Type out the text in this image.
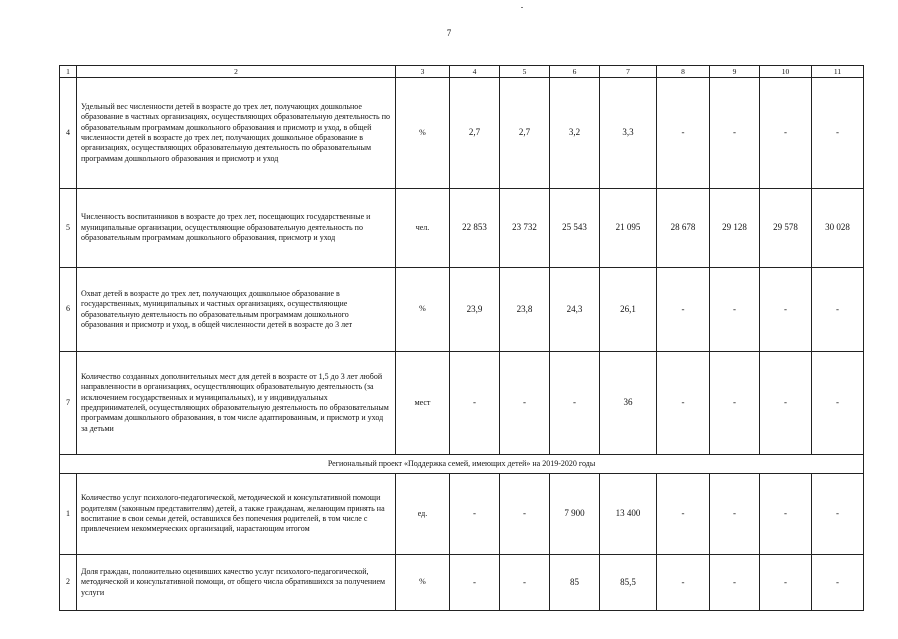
7
1	2	3	4	5	6	7	8	9	10	11
4	Удельный вес численности детей в возрасте до трех лет, получающих дошкольное образование в частных организациях, осуществляющих образовательную деятельность по образовательным программам дошкольного образования и присмотр и уход, в общей численности детей в возрасте до трех лет, получающих дошкольное образование в организациях, осуществляющих образовательную деятельность по образовательным программам дошкольного образования и присмотр и уход	%	2,7	2,7	3,2	3,3	-	-	-	-
5	Численность воспитанников в возрасте до трех лет, посещающих государственные и муниципальные организации, осуществляющие образовательную деятельность по образовательным программам дошкольного образования, присмотр и уход	чел.	22 853	23 732	25 543	21 095	28 678	29 128	29 578	30 028
6	Охват детей в возрасте до трех лет, получающих дошкольное образование в государственных, муниципальных и частных организациях, осуществляющие образовательную деятельность по образовательным программам дошкольного образования и присмотр и уход, в общей численности детей в возрасте до 3 лет	%	23,9	23,8	24,3	26,1	-	-	-	-
7	Количество созданных дополнительных мест для детей в возрасте от 1,5 до 3 лет любой направленности в организациях, осуществляющих образовательную деятельность (за исключением государственных и муниципальных), и у индивидуальных предпринимателей, осуществляющих образовательную деятельность по образовательным программам дошкольного образования, в том числе адаптированным, и присмотр и уход за детьми	мест	-	-	-	36	-	-	-	-
Региональный проект «Поддержка семей, имеющих детей» на 2019-2020 годы										
1	Количество услуг психолого-педагогической, методической и консультативной помощи родителям (законным представителям) детей, а также гражданам, желающим принять на воспитание в свои семьи детей, оставшихся без попечения родителей, в том числе с привлечением некоммерческих организаций, нарастающим итогом	ед.	-	-	7 900	13 400	-	-	-	-
2	Доля граждан, положительно оценивших качество услуг психолого-педагогической, методической и консультативной помощи, от общего числа обратившихся за получением услуги	%	-	-	85	85,5	-	-	-	-
